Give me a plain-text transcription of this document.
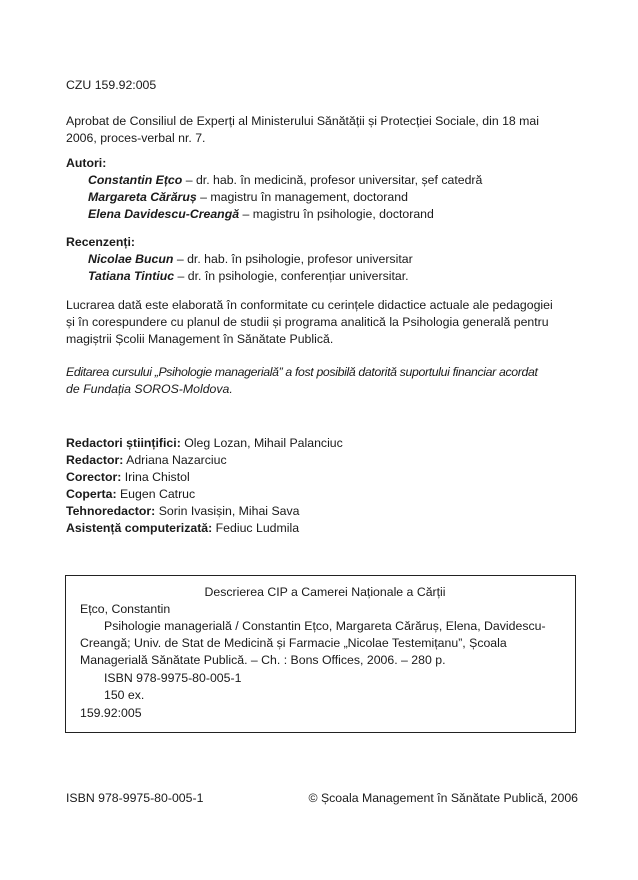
CZU 159.92:005
Aprobat de Consiliul de Experți al Ministerului Sănătății și Protecției Sociale, din 18 mai
2006, proces-verbal nr. 7.
Autori:
Constantin Ețco – dr. hab. în medicină, profesor universitar, șef catedră
Margareta Cărăruș – magistru în management, doctorand
Elena Davidescu-Creangă – magistru în psihologie, doctorand
Recenzenți:
Nicolae Bucun – dr. hab. în psihologie, profesor universitar
Tatiana Tintiuc – dr. în psihologie, conferențiar universitar.
Lucrarea dată este elaborată în conformitate cu cerințele didactice actuale ale pedagogiei
și în corespundere cu planul de studii și programa analitică la Psihologia generală pentru
magiștrii Școlii Management în Sănătate Publică.
Editarea cursului „Psihologie managerială” a fost posibilă datorită suportului financiar acordat
de Fundația SOROS-Moldova.
Redactori științifici: Oleg Lozan, Mihail Palanciuc
Redactor: Adriana Nazarciuc
Corector: Irina Chistol
Coperta: Eugen Catruc
Tehnoredactor: Sorin Ivasișin, Mihai Sava
Asistență computerizată: Fediuc Ludmila
Descrierea CIP a Camerei Naționale a Cărții
Ețco, Constantin
Psihologie managerială / Constantin Ețco, Margareta Cărăruș, Elena, Davidescu-
Creangă; Univ. de Stat de Medicină și Farmacie „Nicolae Testemițanu”, Școala
Managerială Sănătate Publică. – Ch. : Bons Offices, 2006. – 280 p.
ISBN 978-9975-80-005-1
150 ex.
159.92:005
ISBN 978-9975-80-005-1	© Școala Management în Sănătate Publică, 2006
